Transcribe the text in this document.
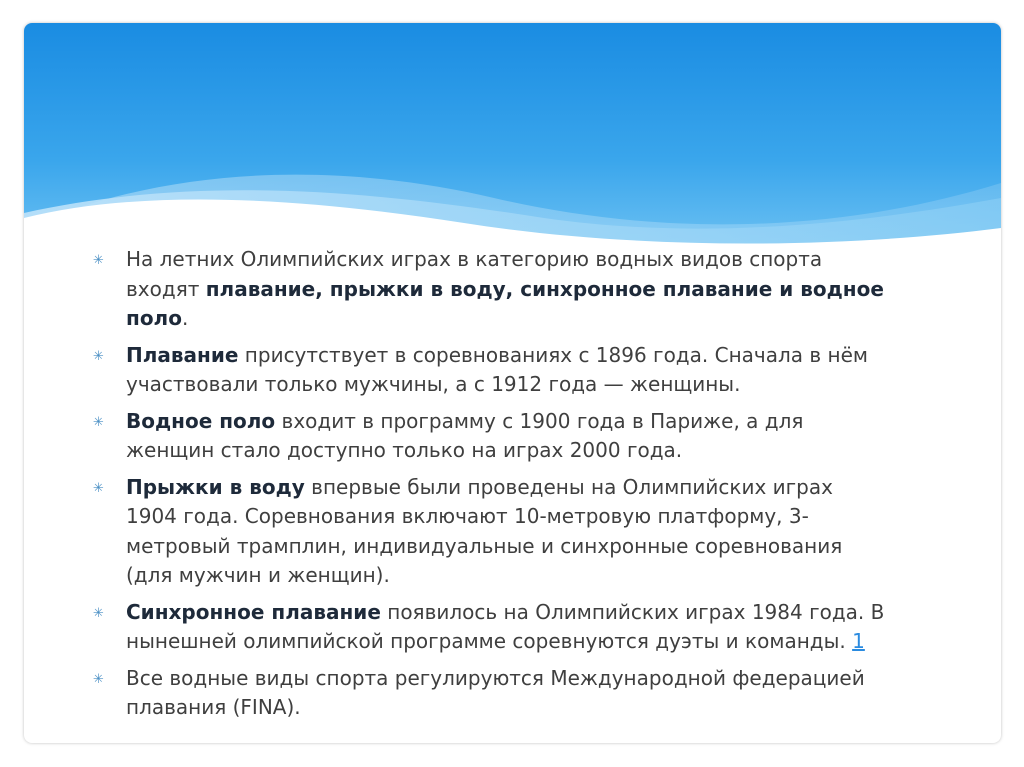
✳ На летних Олимпийских играх в категорию водных видов спорта входят плавание, прыжки в воду, синхронное плавание и водное поло.
✳ Плавание присутствует в соревнованиях с 1896 года. Сначала в нём участвовали только мужчины, а с 1912 года — женщины.
✳ Водное поло входит в программу с 1900 года в Париже, а для женщин стало доступно только на играх 2000 года.
✳ Прыжки в воду впервые были проведены на Олимпийских играх 1904 года. Соревнования включают 10-метровую платформу, 3-метровый трамплин, индивидуальные и синхронные соревнования (для мужчин и женщин).
✳ Синхронное плавание появилось на Олимпийских играх 1984 года. В нынешней олимпийской программе соревнуются дуэты и команды. 1
✳ Все водные виды спорта регулируются Международной федерацией плавания (FINA).
